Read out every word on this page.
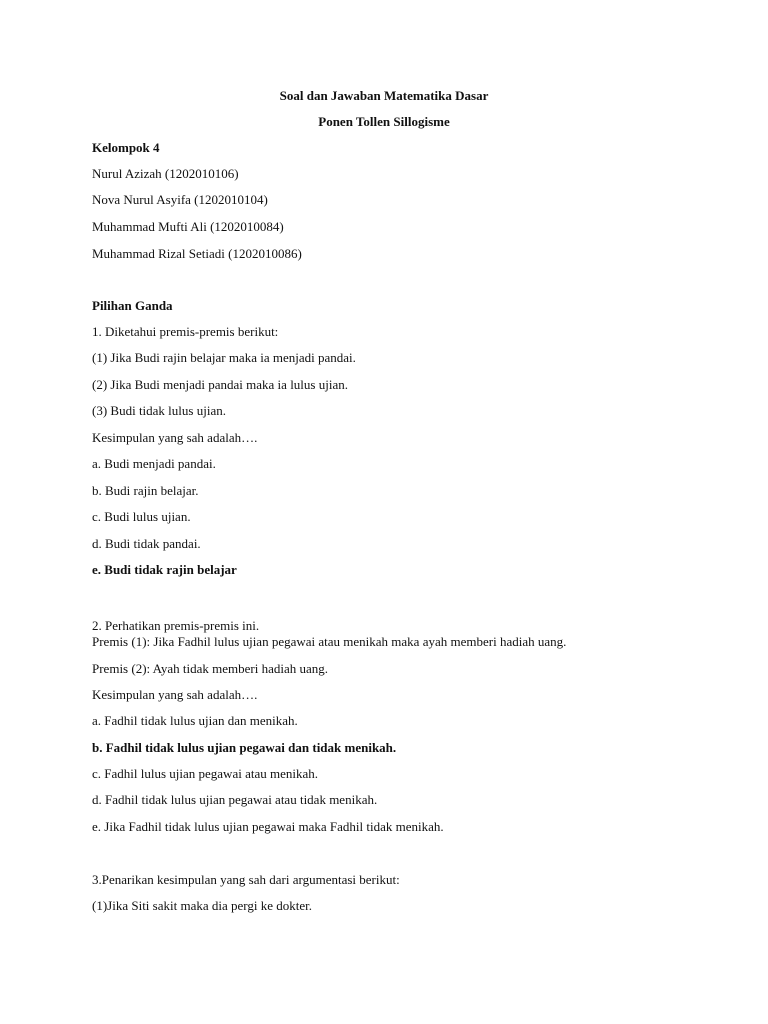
Soal dan Jawaban Matematika Dasar
Ponen Tollen Sillogisme
Kelompok 4
Nurul Azizah (1202010106)
Nova Nurul Asyifa (1202010104)
Muhammad Mufti Ali (1202010084)
Muhammad Rizal Setiadi (1202010086)
Pilihan Ganda
1. Diketahui premis-premis berikut:
(1) Jika Budi rajin belajar maka ia menjadi pandai.
(2) Jika Budi menjadi pandai maka ia lulus ujian.
(3) Budi tidak lulus ujian.
Kesimpulan yang sah adalah….
a. Budi menjadi pandai.
b. Budi rajin belajar.
c. Budi lulus ujian.
d. Budi tidak pandai.
e. Budi tidak rajin belajar
2. Perhatikan premis-premis ini.
Premis (1): Jika Fadhil lulus ujian pegawai atau menikah maka ayah memberi hadiah uang.
Premis (2): Ayah tidak memberi hadiah uang.
Kesimpulan yang sah adalah….
a. Fadhil tidak lulus ujian dan menikah.
b. Fadhil tidak lulus ujian pegawai dan tidak menikah.
c. Fadhil lulus ujian pegawai atau menikah.
d. Fadhil tidak lulus ujian pegawai atau tidak menikah.
e. Jika Fadhil tidak lulus ujian pegawai maka Fadhil tidak menikah.
3.Penarikan kesimpulan yang sah dari argumentasi berikut:
(1)Jika Siti sakit maka dia pergi ke dokter.
